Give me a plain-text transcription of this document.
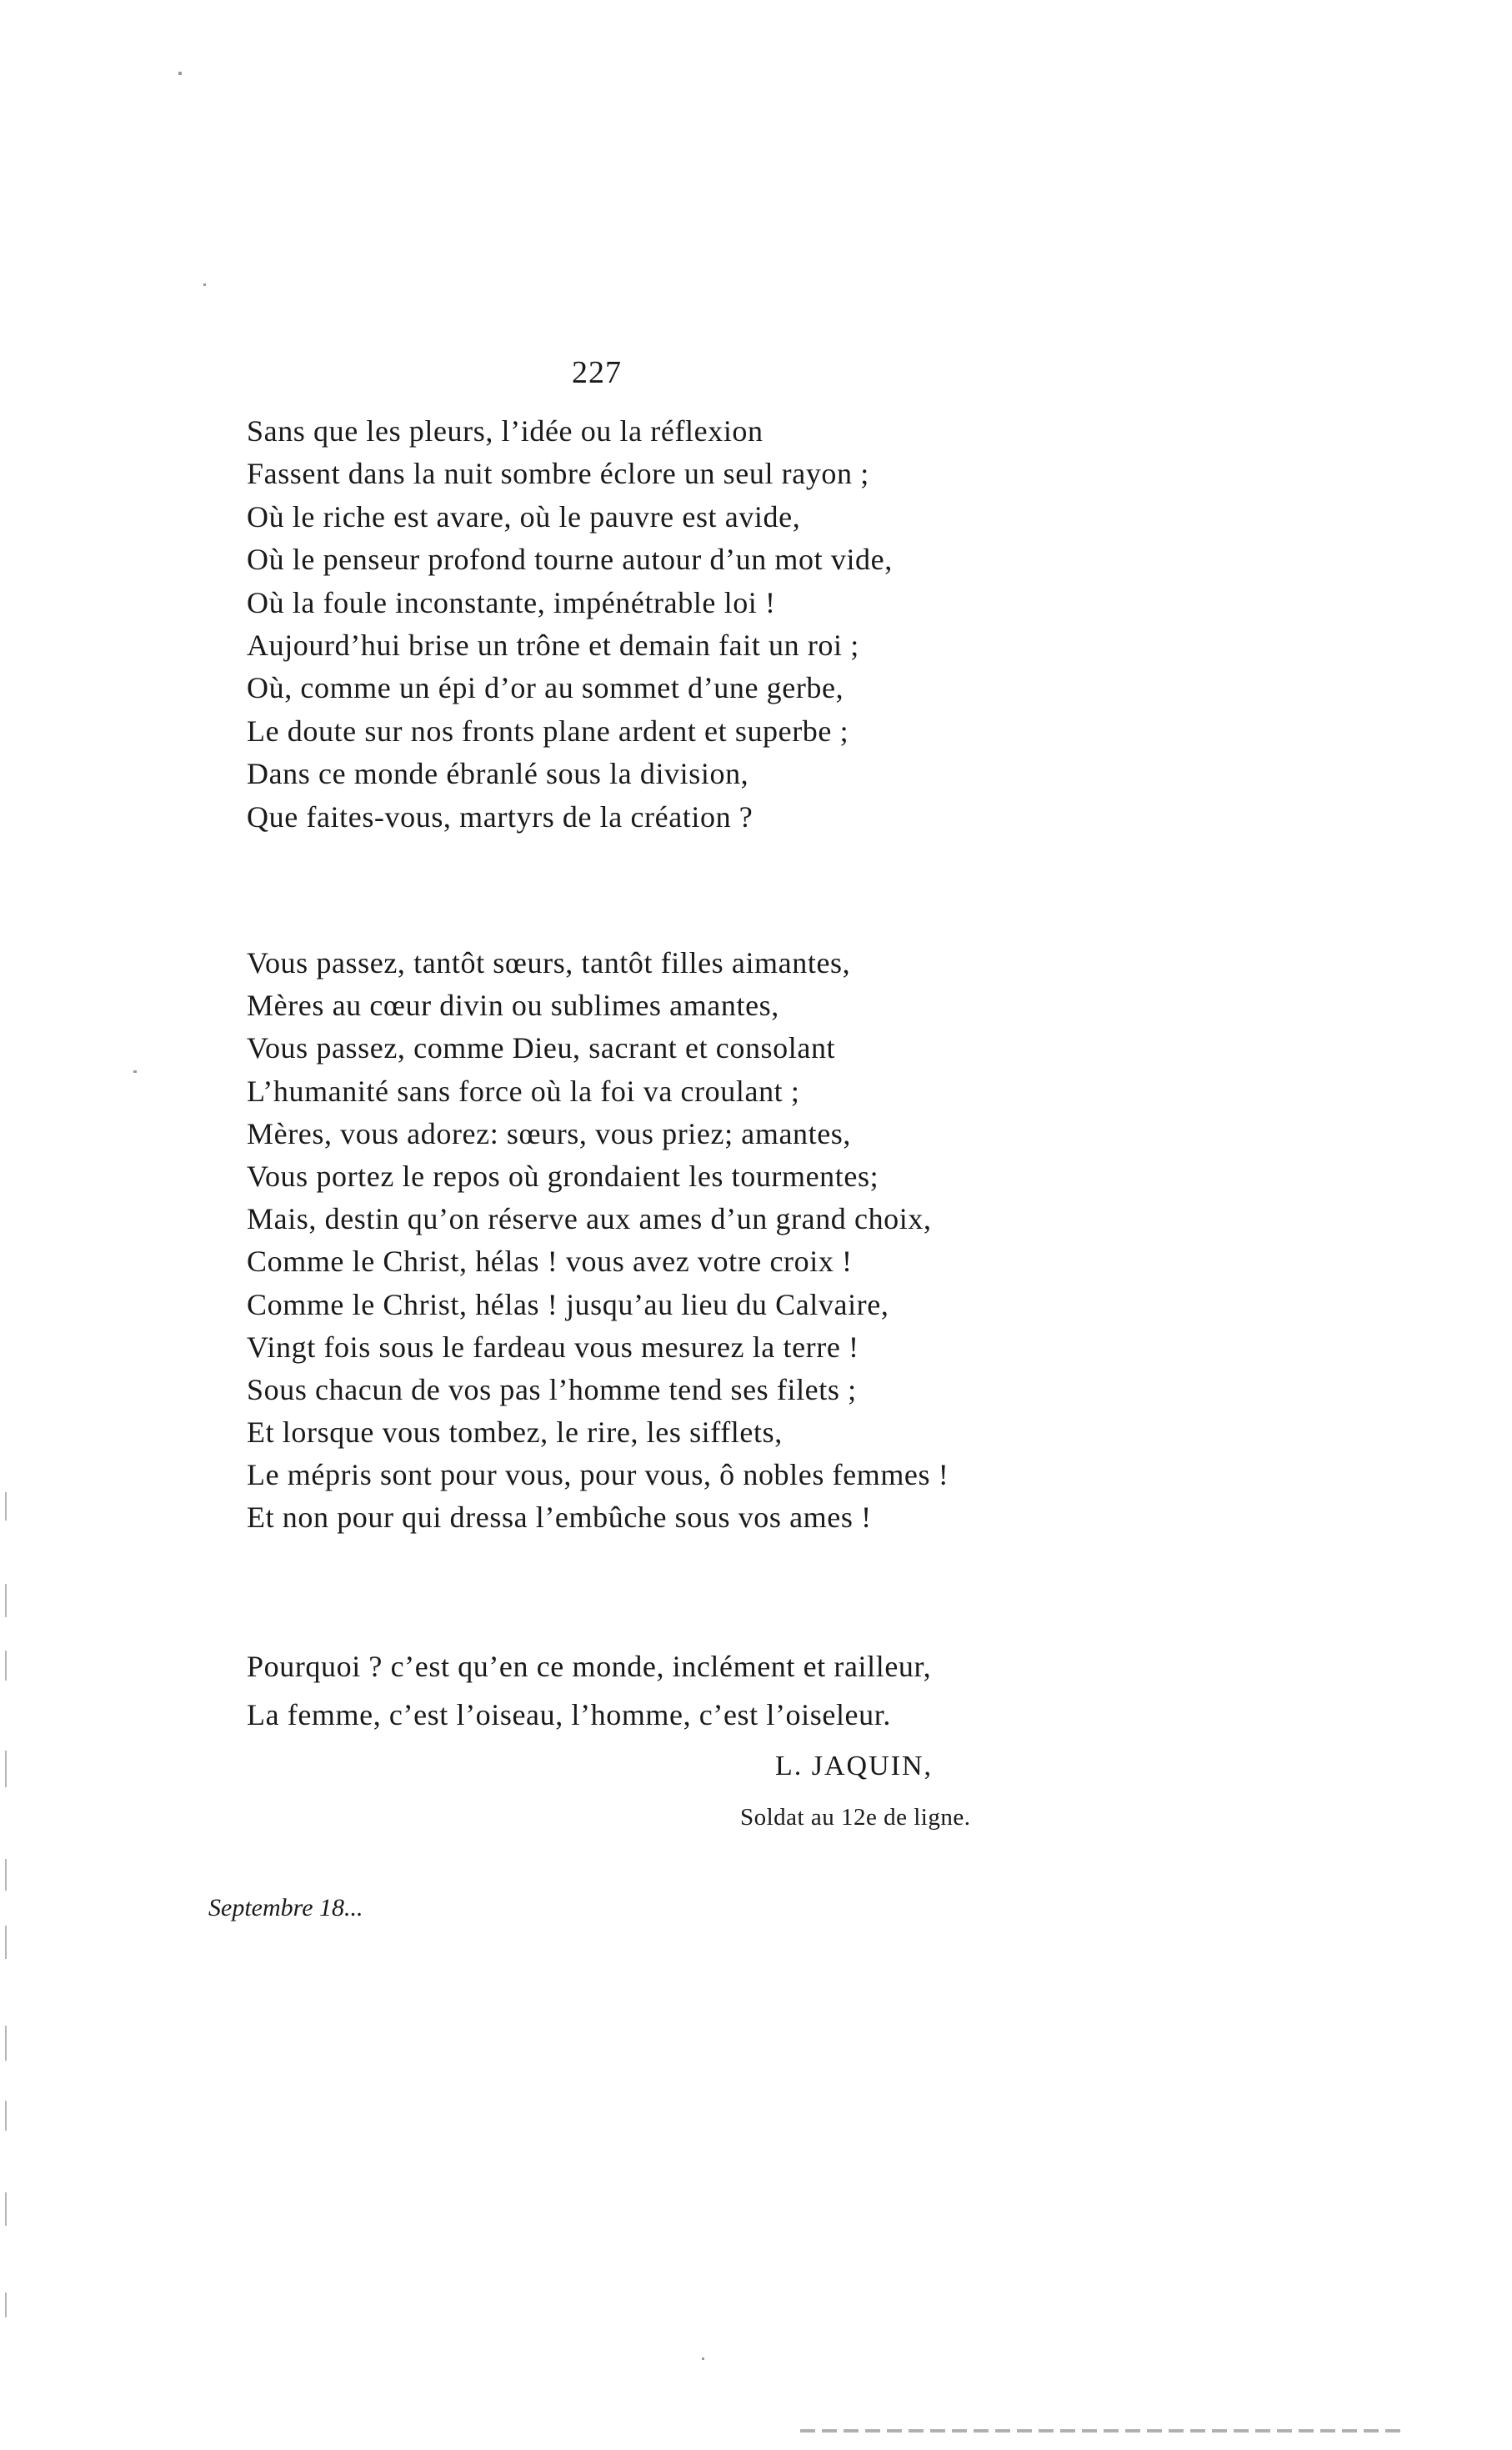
227
Sans que les pleurs, l’idée ou la réflexion
Fassent dans la nuit sombre éclore un seul rayon ;
Où le riche est avare, où le pauvre est avide,
Où le penseur profond tourne autour d’un mot vide,
Où la foule inconstante, impénétrable loi !
Aujourd’hui brise un trône et demain fait un roi ;
Où, comme un épi d’or au sommet d’une gerbe,
Le doute sur nos fronts plane ardent et superbe ;
Dans ce monde ébranlé sous la division,
Que faites-vous, martyrs de la création ?
Vous passez, tantôt sœurs, tantôt filles aimantes,
Mères au cœur divin ou sublimes amantes,
Vous passez, comme Dieu, sacrant et consolant
L’humanité sans force où la foi va croulant ;
Mères, vous adorez: sœurs, vous priez; amantes,
Vous portez le repos où grondaient les tourmentes;
Mais, destin qu’on réserve aux ames d’un grand choix,
Comme le Christ, hélas ! vous avez votre croix !
Comme le Christ, hélas ! jusqu’au lieu du Calvaire,
Vingt fois sous le fardeau vous mesurez la terre !
Sous chacun de vos pas l’homme tend ses filets ;
Et lorsque vous tombez, le rire, les sifflets,
Le mépris sont pour vous, pour vous, ô nobles femmes !
Et non pour qui dressa l’embûche sous vos ames !
Pourquoi ? c’est qu’en ce monde, inclément et railleur,
La femme, c’est l’oiseau, l’homme, c’est l’oiseleur.
L. JAQUIN,
Soldat au 12e de ligne.
Septembre 18...
